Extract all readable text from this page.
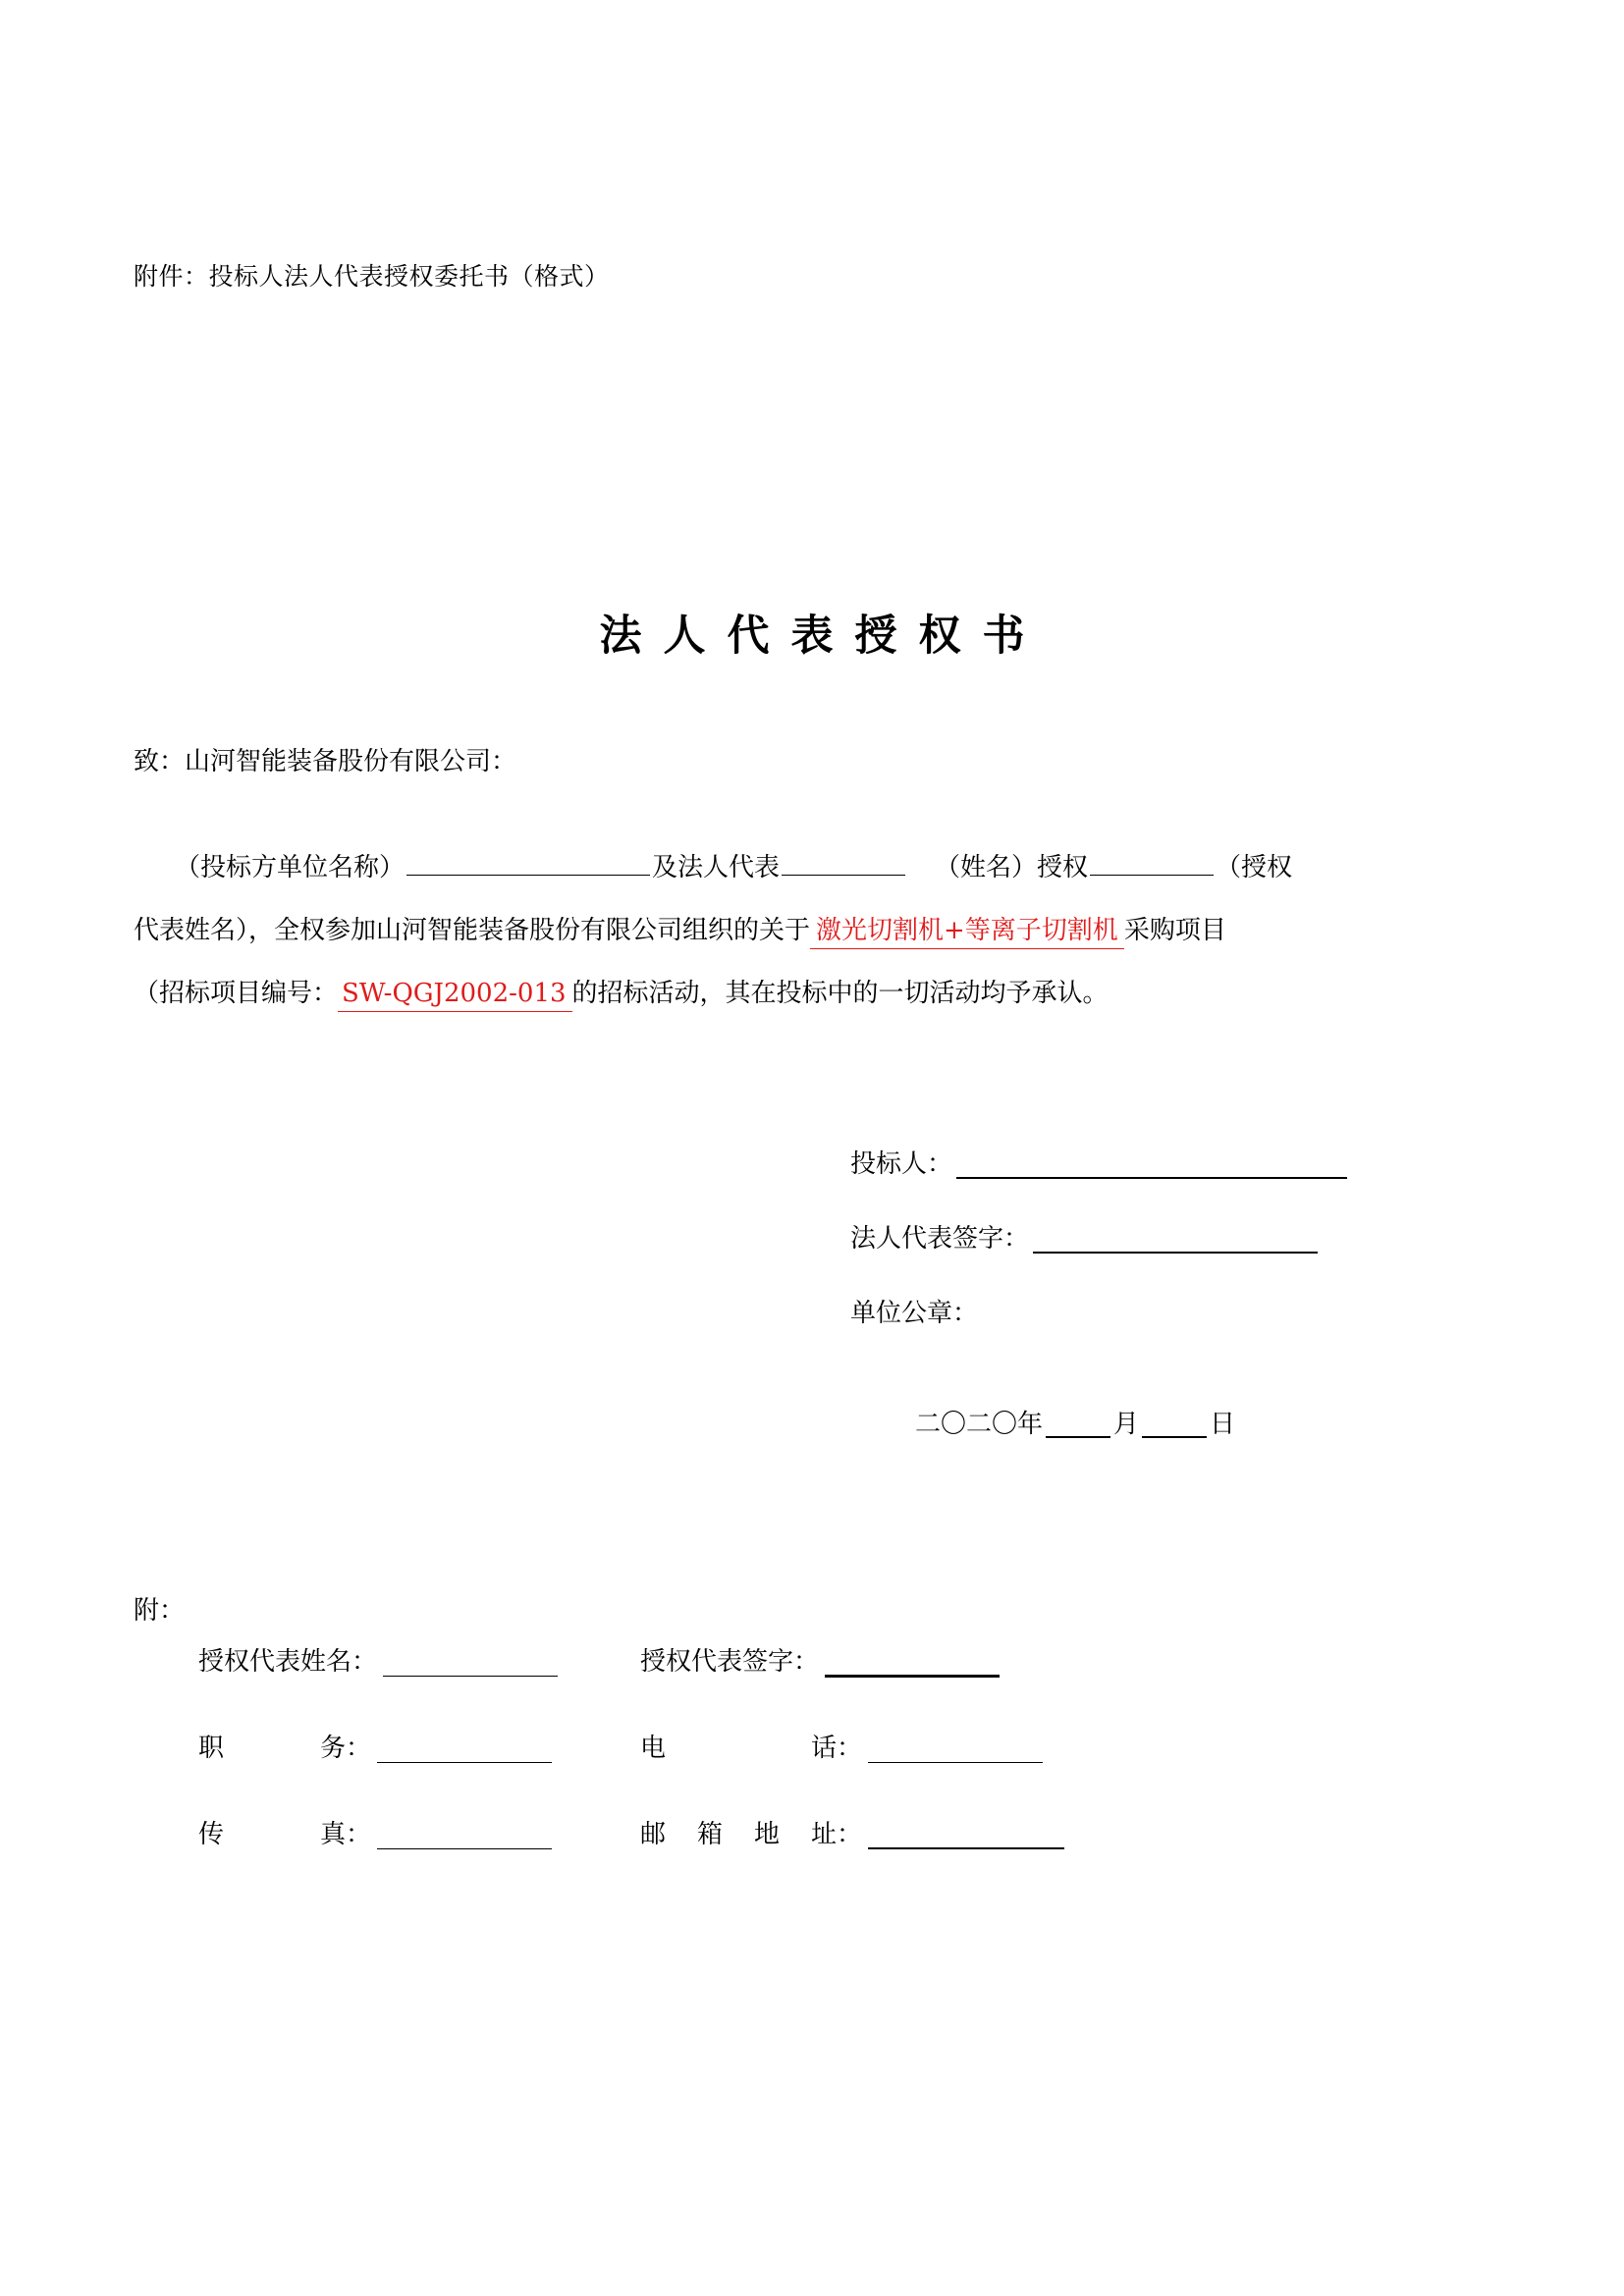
附件：投标人法人代表授权委托书（格式）
法人代表授权书
致：山河智能装备股份有限公司：
（投标方单位名称）	及法人代表	（姓名）授权	（授权
代表姓名），全权参加山河智能装备股份有限公司组织的关于 激光切割机+等离子切割机 采购项目
（招标项目编号： SW-QGJ2002-013 的招标活动，其在投标中的一切活动均予承认。
投标人：
法人代表签字：
单位公章：
二〇二〇年	月	日
附：
授权代表姓名：	授权代表签字：
职务：	电话：
传真：	邮箱地址：
